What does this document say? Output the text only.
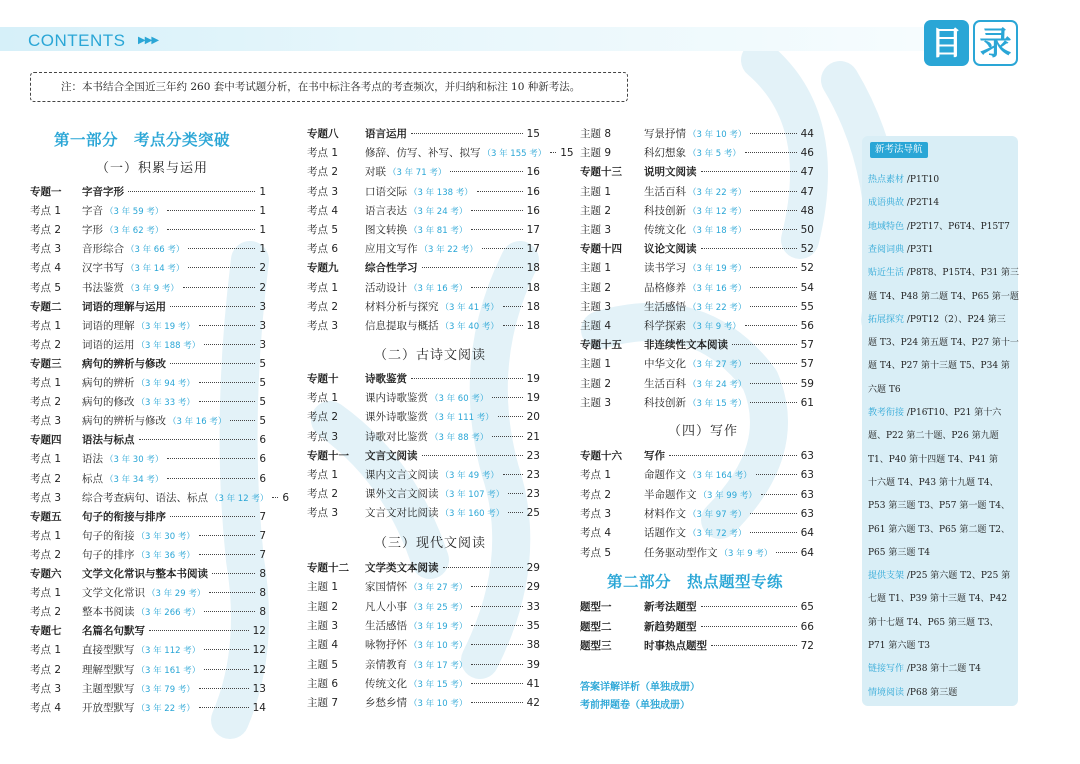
CONTENTS ▶▶▶	目 录
注：本书结合全国近三年约 260 套中考试题分析，在书中标注各考点的考查频次，并归纳和标注 10 种新考法。
第一部分　考点分类突破
（一）积累与运用
专题一	字音字形	1
考点 1	字音 （3 年 59 考）	1
考点 2	字形 （3 年 62 考）	1
考点 3	音形综合 （3 年 66 考）	1
考点 4	汉字书写 （3 年 14 考）	2
考点 5	书法鉴赏 （3 年 9 考）	2
专题二	词语的理解与运用	3
考点 1	词语的理解 （3 年 19 考）	3
考点 2	词语的运用 （3 年 188 考）	3
专题三	病句的辨析与修改	5
考点 1	病句的辨析 （3 年 94 考）	5
考点 2	病句的修改 （3 年 33 考）	5
考点 3	病句的辨析与修改 （3 年 16 考）	5
专题四	语法与标点	6
考点 1	语法 （3 年 30 考）	6
考点 2	标点 （3 年 34 考）	6
考点 3	综合考查病句、语法、标点 （3 年 12 考） 6
专题五	句子的衔接与排序	7
考点 1	句子的衔接 （3 年 30 考）	7
考点 2	句子的排序 （3 年 36 考）	7
专题六	文学文化常识与整本书阅读	8
考点 1	文学文化常识 （3 年 29 考）	8
考点 2	整本书阅读 （3 年 266 考）	8
专题七	名篇名句默写	12
考点 1	直接型默写 （3 年 112 考）	12
考点 2	理解型默写 （3 年 161 考）	12
考点 3	主题型默写 （3 年 79 考）	13
考点 4	开放型默写 （3 年 22 考）	14
专题八	语言运用	15
考点 1	修辞、仿写、补写、拟写 （3 年 155 考） 15
考点 2	对联 （3 年 71 考）	16
考点 3	口语交际 （3 年 138 考）	16
考点 4	语言表达 （3 年 24 考）	16
考点 5	图文转换 （3 年 81 考）	17
考点 6	应用文写作 （3 年 22 考）	17
专题九	综合性学习	18
考点 1	活动设计 （3 年 16 考）	18
考点 2	材料分析与探究 （3 年 41 考）	18
考点 3	信息提取与概括 （3 年 40 考）	18
（二）古诗文阅读
专题十	诗歌鉴赏	19
考点 1	课内诗歌鉴赏 （3 年 60 考）	19
考点 2	课外诗歌鉴赏 （3 年 111 考）	20
考点 3	诗歌对比鉴赏 （3 年 88 考）	21
专题十一	文言文阅读	23
考点 1	课内文言文阅读 （3 年 49 考）	23
考点 2	课外文言文阅读 （3 年 107 考） 23
考点 3	文言文对比阅读 （3 年 160 考） 25
（三）现代文阅读
专题十二	文学类文本阅读	29
主题 1	家国情怀 （3 年 27 考）	29
主题 2	凡人小事 （3 年 25 考）	33
主题 3	生活感悟 （3 年 19 考）	35
主题 4	咏物抒怀 （3 年 10 考）	38
主题 5	亲情教育 （3 年 17 考）	39
主题 6	传统文化 （3 年 15 考）	41
主题 7	乡愁乡情 （3 年 10 考）	42
主题 8	写景抒情 （3 年 10 考）	44
主题 9	科幻想象 （3 年 5 考）	46
专题十三	说明文阅读	47
主题 1	生活百科 （3 年 22 考）	47
主题 2	科技创新 （3 年 12 考）	48
主题 3	传统文化 （3 年 18 考）	50
专题十四	议论文阅读	52
主题 1	读书学习 （3 年 19 考）	52
主题 2	品格修养 （3 年 16 考）	54
主题 3	生活感悟 （3 年 22 考）	55
主题 4	科学探索 （3 年 9 考）	56
专题十五	非连续性文本阅读	57
主题 1	中华文化 （3 年 27 考）	57
主题 2	生活百科 （3 年 24 考）	59
主题 3	科技创新 （3 年 15 考）	61
（四）写作
专题十六	写作	63
考点 1	命题作文 （3 年 164 考）	63
考点 2	半命题作文 （3 年 99 考）	63
考点 3	材料作文 （3 年 97 考）	63
考点 4	话题作文 （3 年 72 考）	64
考点 5	任务驱动型作文 （3 年 9 考）	64
第二部分　热点题型专练
题型一	新考法题型	65
题型二	新趋势题型	66
题型三	时事热点题型	72
答案详解详析（单独成册）
考前押题卷（单独成册）
新考法导航
热点素材 /P1T10
成语典故 /P2T14
地域特色 /P2T17、P6T4、P15T7
查阅词典 /P3T1
贴近生活 /P8T8、P15T4、P31 第三
题 T4、P48 第二题 T4、P65 第一题
拓展探究 /P9T12（2）、P24 第三
题 T3、P24 第五题 T4、P27 第十一
题 T4、P27 第十三题 T5、P34 第
六题 T6
教考衔接 /P16T10、P21 第十六
题、P22 第二十题、P26 第九题
T1、P40 第十四题 T4、P41 第
十六题 T4、P43 第十九题 T4、
P53 第三题 T3、P57 第一题 T4、
P61 第六题 T3、P65 第二题 T2、
P65 第三题 T4
提供支架 /P25 第六题 T2、P25 第
七题 T1、P39 第十三题 T4、P42
第十七题 T4、P65 第三题 T3、
P71 第六题 T3
链接写作 /P38 第十二题 T4
情境阅读 /P68 第三题
